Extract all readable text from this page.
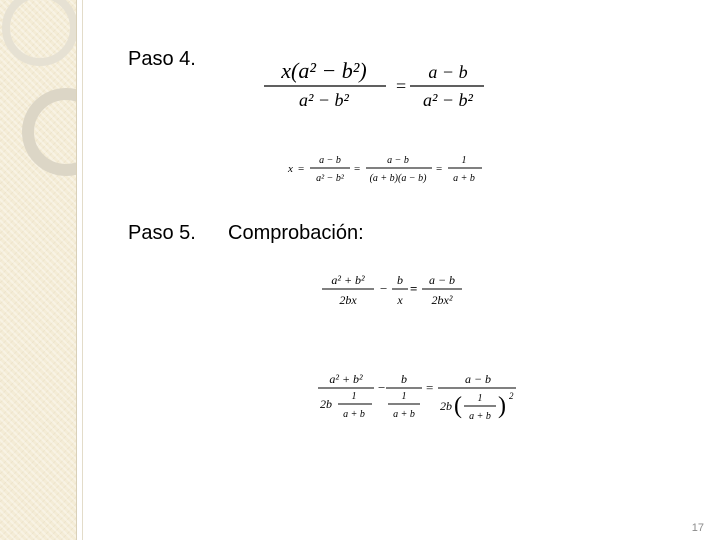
Paso 4.	x(a² − b²)
a² − b²
=
a − b
a² − b²
x =
a − b
a² − b²
=
a − b
(a + b)(a − b)
=
1
a + b
Paso 5. Comprobación:
a² + b²
2bx
−
b
x
=
a − b
2bx²
a² + b²
2b
1
a + b
−
b
1
a + b
=
a − b
2b ( 1
a + b ) 2
17
